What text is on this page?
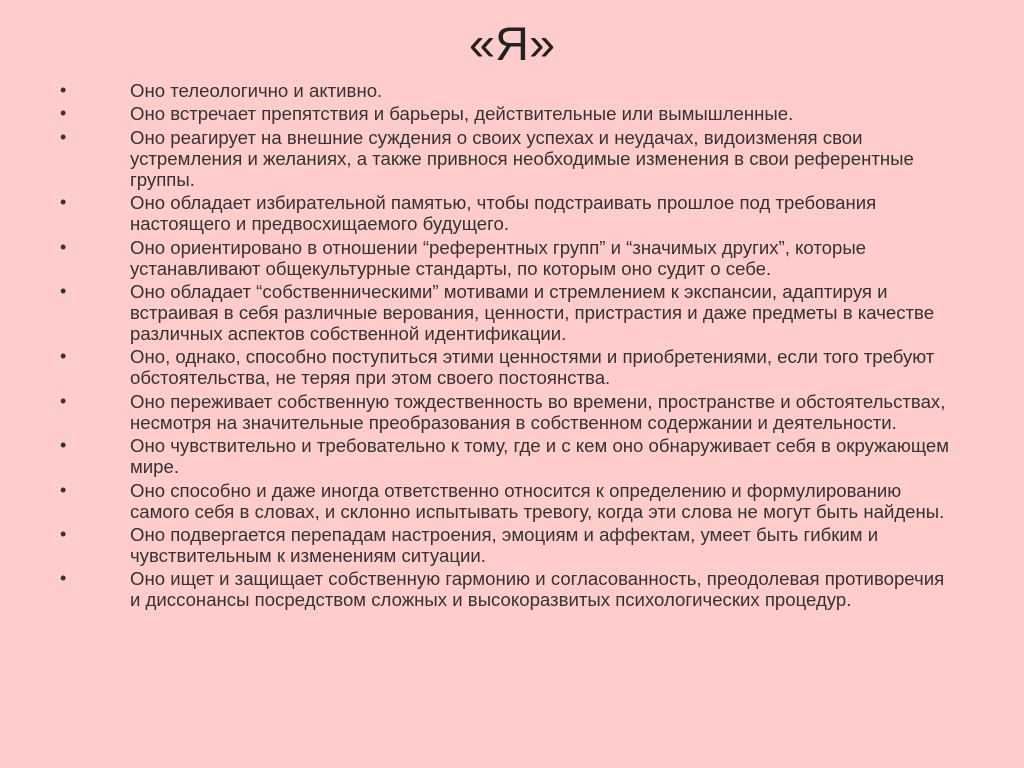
«Я»
•	Оно телеологично и активно.
•	Оно встречает препятствия и барьеры, действительные или вымышленные.
•	Оно реагирует на внешние суждения о своих успехах и неудачах, видоизменяя свои устремления и желаниях, а также привнося необходимые изменения в свои референтные группы.
•	Оно обладает избирательной памятью, чтобы подстраивать прошлое под требования настоящего и предвосхищаемого будущего.
•	Оно ориентировано в отношении “референтных групп” и “значимых других”, которые устанавливают общекультурные стандарты, по которым оно судит о себе.
•	Оно обладает “собственническими” мотивами и стремлением к экспансии, адаптируя и встраивая в себя различные верования, ценности, пристрастия и даже предметы в качестве различных аспектов собственной идентификации.
•	Оно, однако, способно поступиться этими ценностями и приобретениями, если того требуют обстоятельства, не теряя при этом своего постоянства.
•	Оно переживает собственную тождественность во времени, пространстве и обстоятельствах, несмотря на значительные преобразования в собственном содержании и деятельности.
•	Оно чувствительно и требовательно к тому, где и с кем оно обнаруживает себя в окружающем мире.
•	Оно способно и даже иногда ответственно относится к определению и формулированию самого себя в словах, и склонно испытывать тревогу, когда эти слова не могут быть найдены.
•	Оно подвергается перепадам настроения, эмоциям и аффектам, умеет быть гибким и чувствительным к изменениям ситуации.
•	Оно ищет и защищает собственную гармонию и согласованность, преодолевая противоречия и диссонансы посредством сложных и высокоразвитых психологических процедур.
